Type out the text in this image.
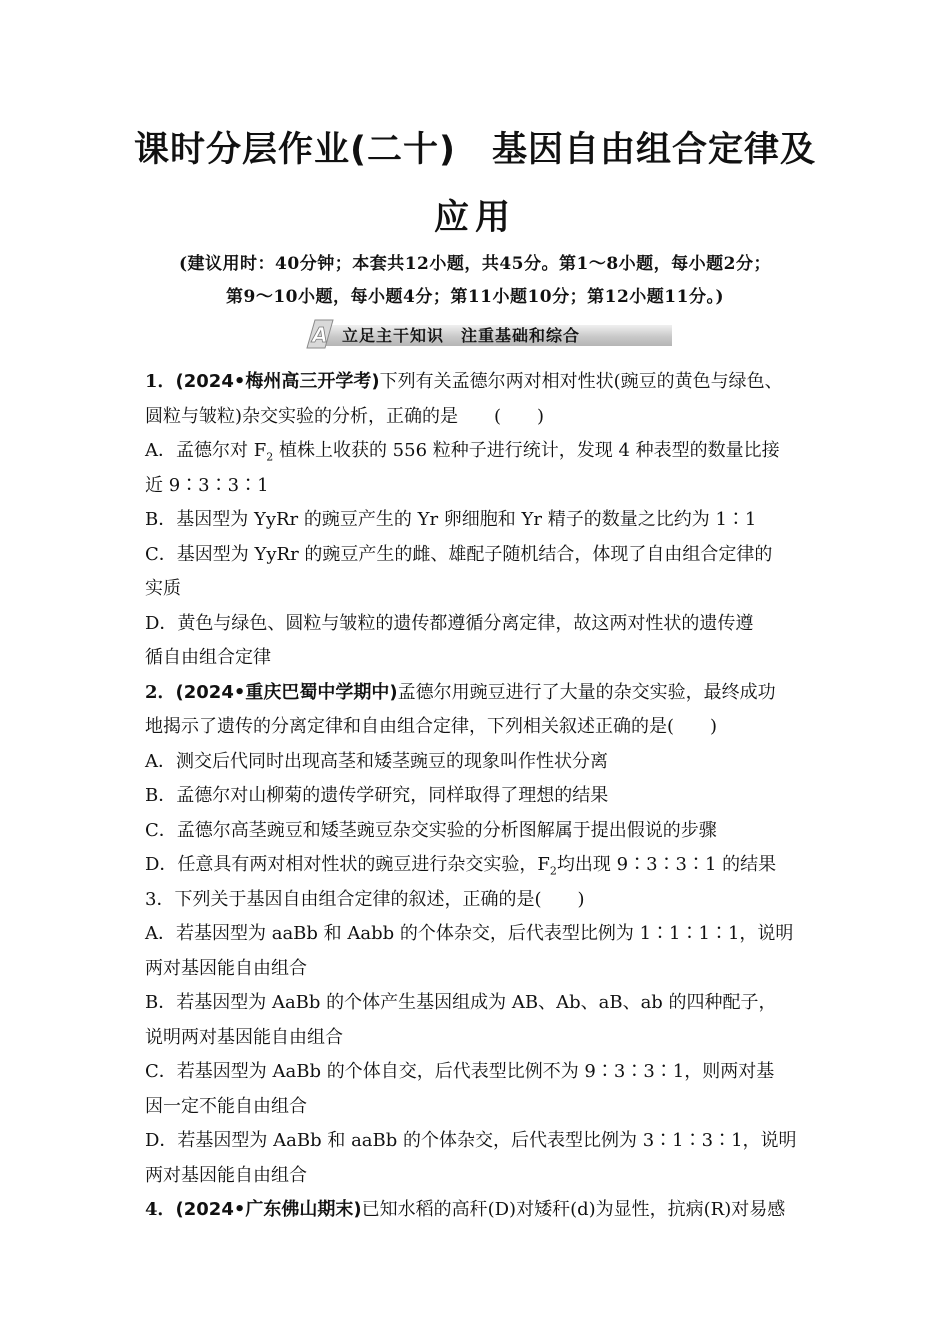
课时分层作业(二十)　基因自由组合定律及
应用
(建议用时：40分钟；本套共12小题，共45分。第1～8小题，每小题2分；
第9～10小题，每小题4分；第11小题10分；第12小题11分。)
A 立足主干知识　注重基础和综合
1．(2024•梅州高三开学考)下列有关孟德尔两对相对性状(豌豆的黄色与绿色、
圆粒与皱粒)杂交实验的分析，正确的是　　(　　)
A．孟德尔对 $F_2$ 植株上收获的 556 粒种子进行统计，发现 4 种表型的数量比接
近 9∶3∶3∶1
B．基因型为 YyRr 的豌豆产生的 Yr 卵细胞和 Yr 精子的数量之比约为 1∶1
C．基因型为 YyRr 的豌豆产生的雌、雄配子随机结合，体现了自由组合定律的
实质
D．黄色与绿色、圆粒与皱粒的遗传都遵循分离定律，故这两对性状的遗传遵
循自由组合定律
2．(2024•重庆巴蜀中学期中)孟德尔用豌豆进行了大量的杂交实验，最终成功
地揭示了遗传的分离定律和自由组合定律，下列相关叙述正确的是(　　)
A．测交后代同时出现高茎和矮茎豌豆的现象叫作性状分离
B．孟德尔对山柳菊的遗传学研究，同样取得了理想的结果
C．孟德尔高茎豌豆和矮茎豌豆杂交实验的分析图解属于提出假说的步骤
D．任意具有两对相对性状的豌豆进行杂交实验，$F_2$均出现 9∶3∶3∶1 的结果
3．下列关于基因自由组合定律的叙述，正确的是(　　)
A．若基因型为 aaBb 和 Aabb 的个体杂交，后代表型比例为 1∶1∶1∶1，说明
两对基因能自由组合
B．若基因型为 AaBb 的个体产生基因组成为 AB、Ab、aB、ab 的四种配子，
说明两对基因能自由组合
C．若基因型为 AaBb 的个体自交，后代表型比例不为 9∶3∶3∶1，则两对基
因一定不能自由组合
D．若基因型为 AaBb 和 aaBb 的个体杂交，后代表型比例为 3∶1∶3∶1，说明
两对基因能自由组合
4．(2024•广东佛山期末)已知水稻的高秆(D)对矮秆(d)为显性，抗病(R)对易感
